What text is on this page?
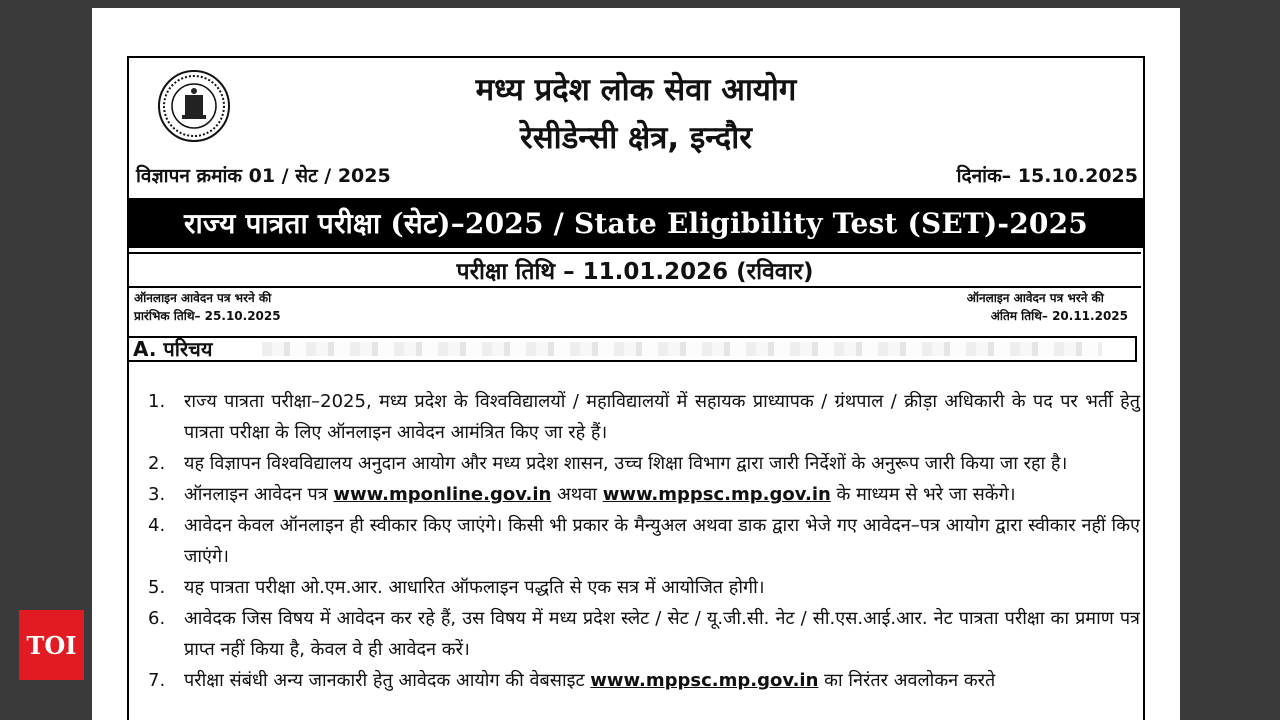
मध्य प्रदेश लोक सेवा आयोग
रेसीडेन्सी क्षेत्र, इन्दौर
विज्ञापन क्रमांक 01 / सेट / 2025	दिनांक– 15.10.2025
राज्य पात्रता परीक्षा (सेट)–2025 / State Eligibility Test (SET)-2025
परीक्षा तिथि – 11.01.2026 (रविवार)
ऑनलाइन आवेदन पत्र भरने की
प्रारंभिक तिथि– 25.10.2025
ऑनलाइन आवेदन पत्र भरने की
अंतिम तिथि– 20.11.2025
A. परिचय
1. राज्य पात्रता परीक्षा–2025, मध्य प्रदेश के विश्वविद्यालयों / महाविद्यालयों में सहायक प्राध्यापक / ग्रंथपाल / क्रीड़ा अधिकारी के पद पर भर्ती हेतु पात्रता परीक्षा के लिए ऑनलाइन आवेदन आमंत्रित किए जा रहे हैं।
2. यह विज्ञापन विश्वविद्यालय अनुदान आयोग और मध्य प्रदेश शासन, उच्च शिक्षा विभाग द्वारा जारी निर्देशों के अनुरूप जारी किया जा रहा है।
3. ऑनलाइन आवेदन पत्र www.mponline.gov.in अथवा www.mppsc.mp.gov.in के माध्यम से भरे जा सकेंगे।
4. आवेदन केवल ऑनलाइन ही स्वीकार किए जाएंगे। किसी भी प्रकार के मैन्युअल अथवा डाक द्वारा भेजे गए आवेदन–पत्र आयोग द्वारा स्वीकार नहीं किए जाएंगे।
5. यह पात्रता परीक्षा ओ.एम.आर. आधारित ऑफलाइन पद्धति से एक सत्र में आयोजित होगी।
6. आवेदक जिस विषय में आवेदन कर रहे हैं, उस विषय में मध्य प्रदेश स्लेट / सेट / यू.जी.सी. नेट / सी.एस.आई.आर. नेट पात्रता परीक्षा का प्रमाण पत्र प्राप्त नहीं किया है, केवल वे ही आवेदन करें।
7. परीक्षा संबंधी अन्य जानकारी हेतु आवेदक आयोग की वेबसाइट www.mppsc.mp.gov.in का निरंतर अवलोकन करते
TOI
